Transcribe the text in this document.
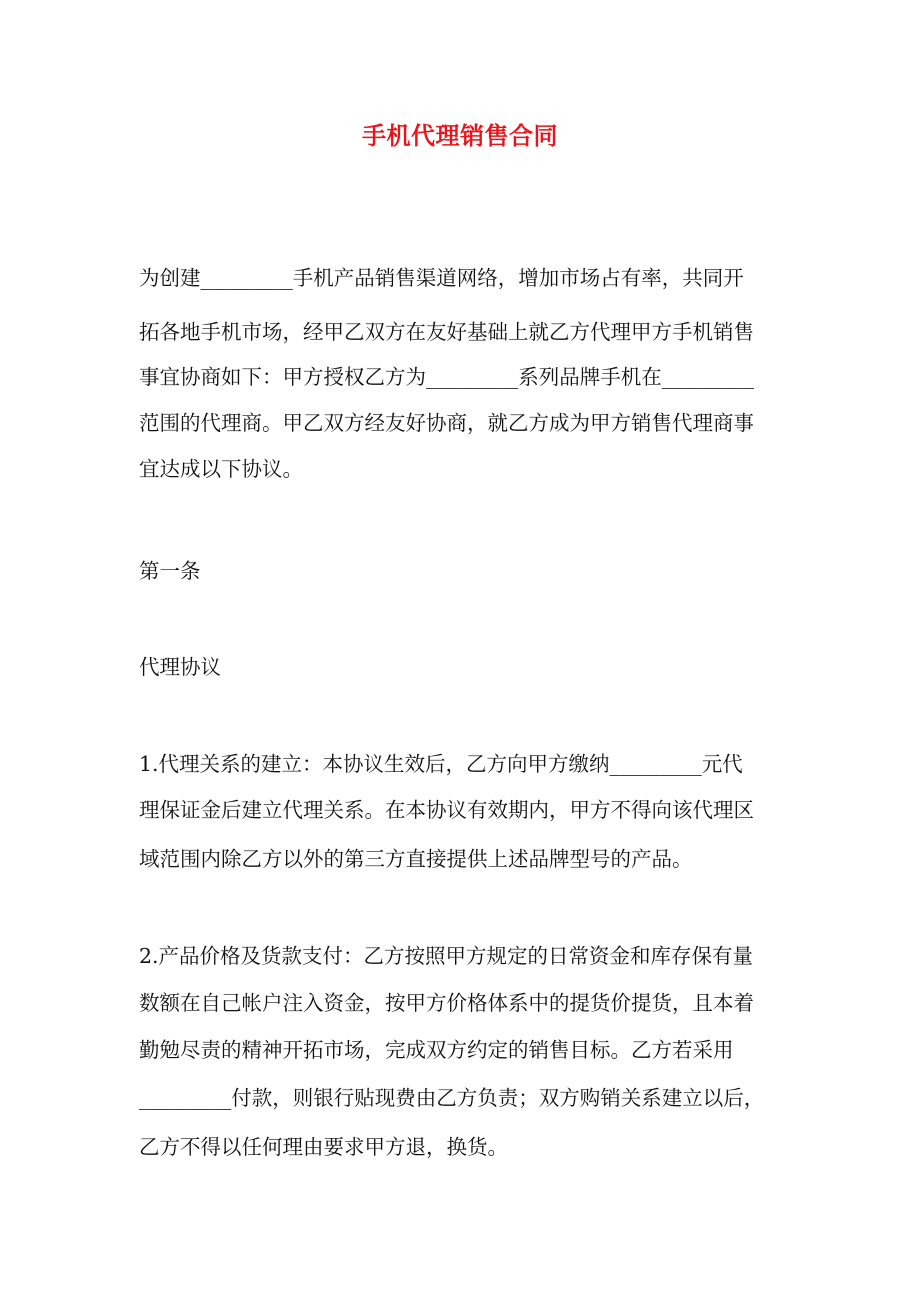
手机代理销售合同
为创建_________手机产品销售渠道网络，增加市场占有率，共同开
拓各地手机市场，经甲乙双方在友好基础上就乙方代理甲方手机销售
事宜协商如下：甲方授权乙方为_________系列品牌手机在_________
范围的代理商。甲乙双方经友好协商，就乙方成为甲方销售代理商事
宜达成以下协议。
第一条
代理协议
1.代理关系的建立：本协议生效后，乙方向甲方缴纳_________元代
理保证金后建立代理关系。在本协议有效期内，甲方不得向该代理区
域范围内除乙方以外的第三方直接提供上述品牌型号的产品。
2.产品价格及货款支付：乙方按照甲方规定的日常资金和库存保有量
数额在自己帐户注入资金，按甲方价格体系中的提货价提货，且本着
勤勉尽责的精神开拓市场，完成双方约定的销售目标。乙方若采用
_________付款，则银行贴现费由乙方负责；双方购销关系建立以后，
乙方不得以任何理由要求甲方退，换货。
